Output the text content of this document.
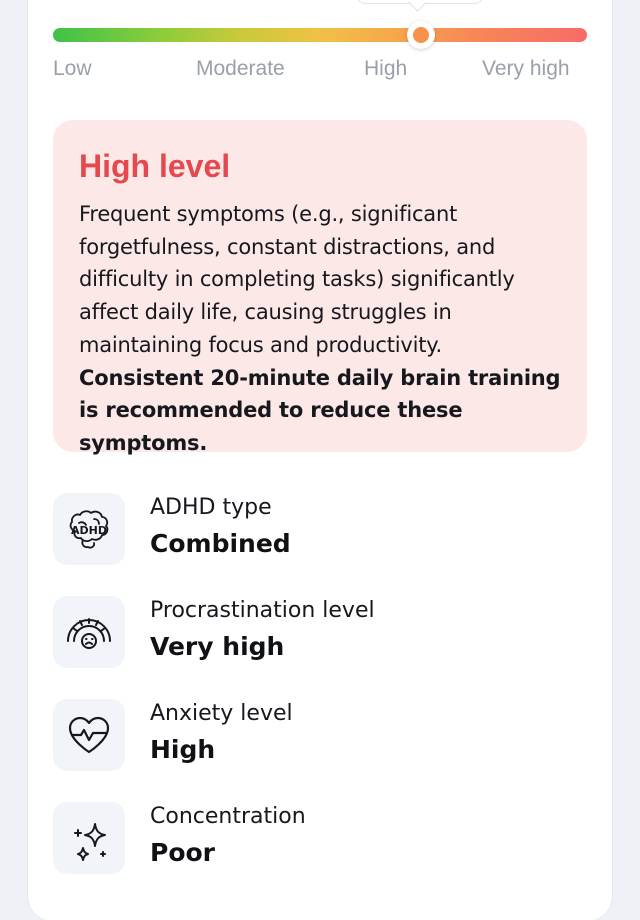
Low	Moderate	High	Very high
High level
Frequent symptoms (e.g., significant forgetfulness, constant distractions, and difficulty in completing tasks) significantly affect daily life, causing struggles in maintaining focus and productivity. Consistent 20-minute daily brain training is recommended to reduce these symptoms.
ADHD
ADHD type
Combined
Procrastination level
Very high
Anxiety level
High
Concentration
Poor
